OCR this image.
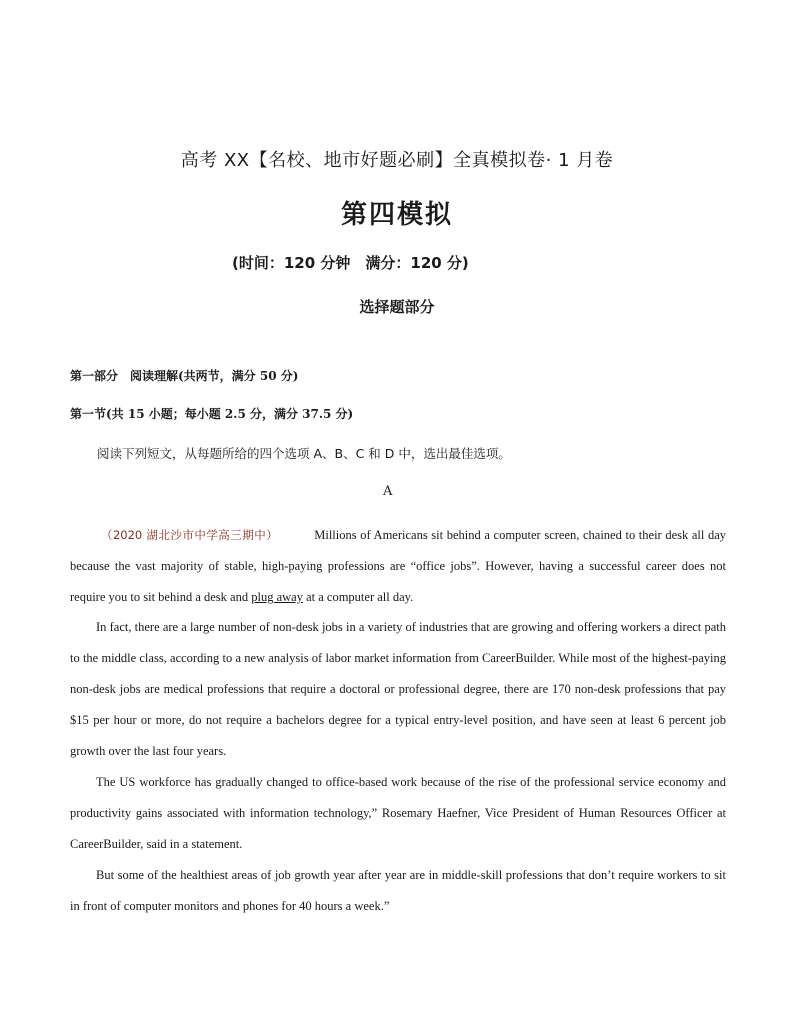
高考 XX【名校、地市好题必刷】全真模拟卷· 1 月卷
第四模拟
(时间：120 分钟　满分：120 分)
选择题部分
第一部分　阅读理解(共两节，满分 50 分)
第一节(共 15 小题；每小题 2.5 分，满分 37.5 分)
阅读下列短文，从每题所给的四个选项 A、B、C 和 D 中，选出最佳选项。
A
（2020 湖北沙市中学高三期中）	Millions of Americans sit behind a computer screen, chained to their desk all day because the vast majority of stable, high-paying professions are “office jobs”. However, having a successful career does not require you to sit behind a desk and plug away at a computer all day.
In fact, there are a large number of non-desk jobs in a variety of industries that are growing and offering workers a direct path to the middle class, according to a new analysis of labor market information from CareerBuilder. While most of the highest-paying non-desk jobs are medical professions that require a doctoral or professional degree, there are 170 non-desk professions that pay $15 per hour or more, do not require a bachelors degree for a typical entry-level position, and have seen at least 6 percent job growth over the last four years.
The US workforce has gradually changed to office-based work because of the rise of the professional service economy and productivity gains associated with information technology,” Rosemary Haefner, Vice President of Human Resources Officer at CareerBuilder, said in a statement.
But some of the healthiest areas of job growth year after year are in middle-skill professions that don’t require workers to sit in front of computer monitors and phones for 40 hours a week.”
